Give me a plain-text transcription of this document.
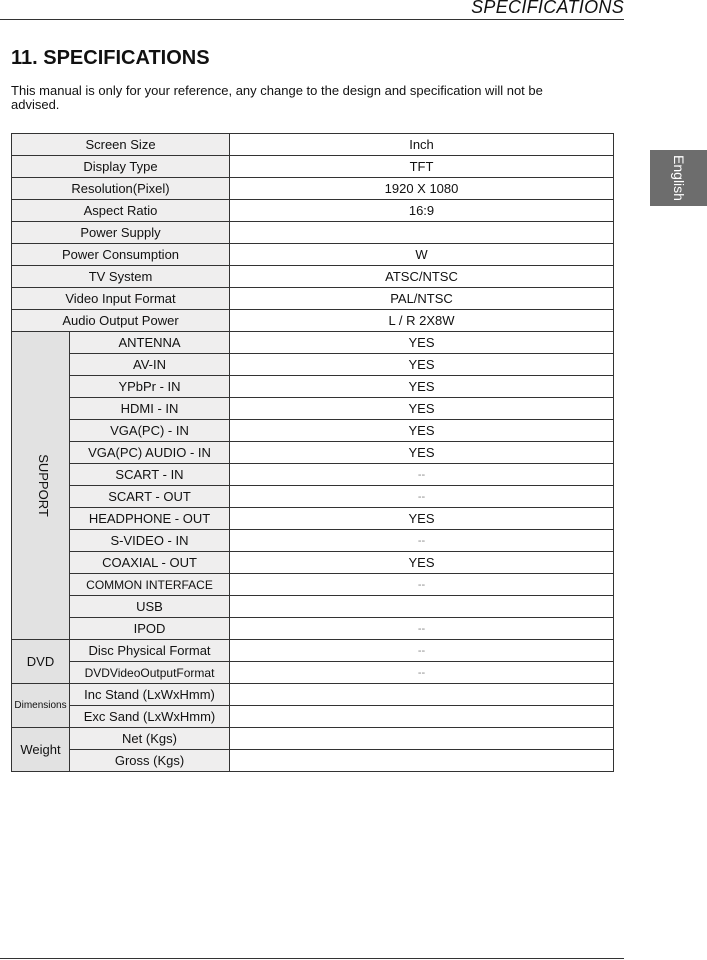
SPECIFICATIONS
English
11. SPECIFICATIONS

This manual is only for your reference, any change to the design and specification will not be advised.

Screen Size		Inch
Display Type		TFT
Resolution(Pixel)		1920 X 1080
Aspect Ratio		16:9
Power Supply		
Power Consumption		W
TV System		ATSC/NTSC
Video Input Format		PAL/NTSC
Audio Output Power		L / R 2X8W
SUPPORT	ANTENNA	YES
	AV-IN	YES
	YPbPr - IN	YES
	HDMI - IN	YES
	VGA(PC) - IN	YES
	VGA(PC) AUDIO - IN	YES
	SCART - IN	--
	SCART - OUT	--
	HEADPHONE - OUT	YES
	S-VIDEO - IN	--
	COAXIAL - OUT	YES
	COMMON INTERFACE	--
	USB	
	IPOD	--
DVD	Disc Physical Format	--
	DVDVideoOutputFormat	--
Dimensions	Inc Stand (LxWxHmm)	
	Exc Sand (LxWxHmm)	
Weight	Net (Kgs)	
	Gross (Kgs)	
